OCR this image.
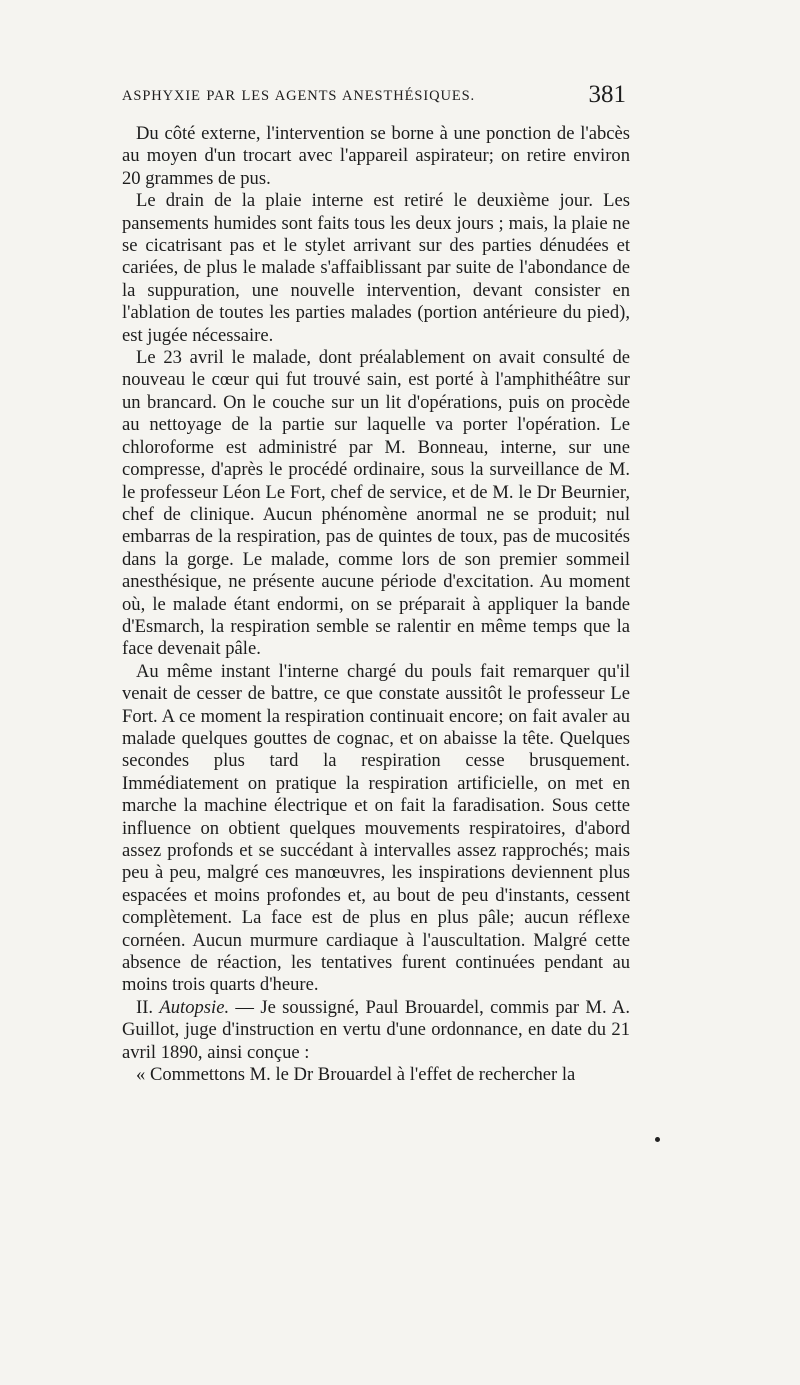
ASPHYXIE PAR LES AGENTS ANESTHÉSIQUES.	381

Du côté externe, l'intervention se borne à une ponction de l'abcès au moyen d'un trocart avec l'appareil aspirateur; on retire environ 20 grammes de pus.

Le drain de la plaie interne est retiré le deuxième jour. Les pansements humides sont faits tous les deux jours ; mais, la plaie ne se cicatrisant pas et le stylet arrivant sur des parties dénudées et cariées, de plus le malade s'affaiblissant par suite de l'abondance de la suppuration, une nouvelle intervention, devant consister en l'ablation de toutes les parties malades (portion antérieure du pied), est jugée nécessaire.

Le 23 avril le malade, dont préalablement on avait consulté de nouveau le cœur qui fut trouvé sain, est porté à l'amphithéâtre sur un brancard. On le couche sur un lit d'opérations, puis on procède au nettoyage de la partie sur laquelle va porter l'opération. Le chloroforme est administré par M. Bonneau, interne, sur une compresse, d'après le procédé ordinaire, sous la surveillance de M. le professeur Léon Le Fort, chef de service, et de M. le Dr Beurnier, chef de clinique. Aucun phénomène anormal ne se produit; nul embarras de la respiration, pas de quintes de toux, pas de mucosités dans la gorge. Le malade, comme lors de son premier sommeil anesthésique, ne présente aucune période d'excitation. Au moment où, le malade étant endormi, on se préparait à appliquer la bande d'Esmarch, la respiration semble se ralentir en même temps que la face devenait pâle.

Au même instant l'interne chargé du pouls fait remarquer qu'il venait de cesser de battre, ce que constate aussitôt le professeur Le Fort. A ce moment la respiration continuait encore; on fait avaler au malade quelques gouttes de cognac, et on abaisse la tête. Quelques secondes plus tard la respiration cesse brusquement. Immédiatement on pratique la respiration artificielle, on met en marche la machine électrique et on fait la faradisation. Sous cette influence on obtient quelques mouvements respiratoires, d'abord assez profonds et se succédant à intervalles assez rapprochés; mais peu à peu, malgré ces manœuvres, les inspirations deviennent plus espacées et moins profondes et, au bout de peu d'instants, cessent complètement. La face est de plus en plus pâle; aucun réflexe cornéen. Aucun murmure cardiaque à l'auscultation. Malgré cette absence de réaction, les tentatives furent continuées pendant au moins trois quarts d'heure.

II. Autopsie. — Je soussigné, Paul Brouardel, commis par M. A. Guillot, juge d'instruction en vertu d'une ordonnance, en date du 21 avril 1890, ainsi conçue :

« Commettons M. le Dr Brouardel à l'effet de rechercher la
